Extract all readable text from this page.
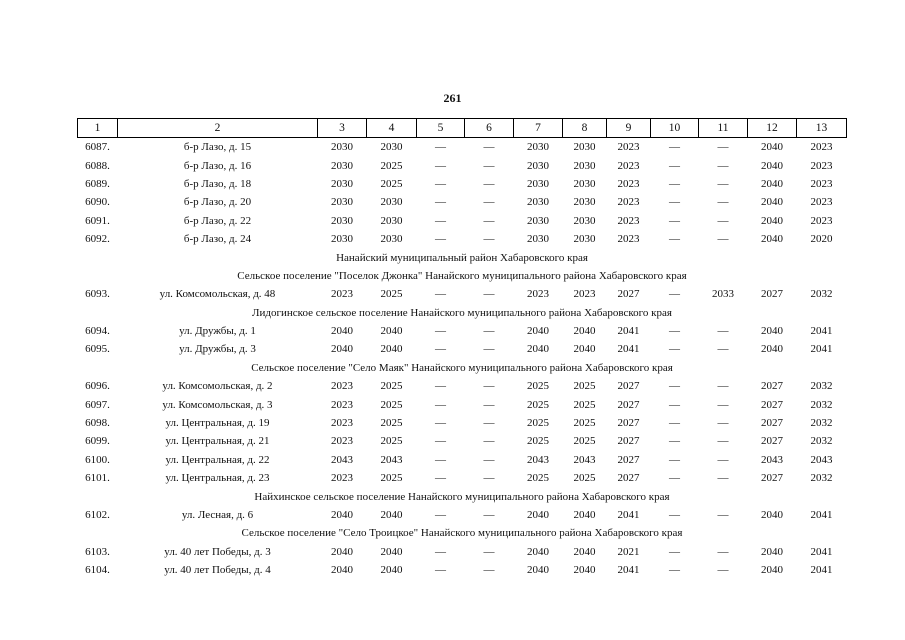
261
1	2	3	4	5	6	7	8	9	10	11	12	13
6087.	б-р Лазо, д. 15	2030	2030	—	—	2030	2030	2023	—	—	2040	2023
6088.	б-р Лазо, д. 16	2030	2025	—	—	2030	2030	2023	—	—	2040	2023
6089.	б-р Лазо, д. 18	2030	2025	—	—	2030	2030	2023	—	—	2040	2023
6090.	б-р Лазо, д. 20	2030	2030	—	—	2030	2030	2023	—	—	2040	2023
6091.	б-р Лазо, д. 22	2030	2030	—	—	2030	2030	2023	—	—	2040	2023
6092.	б-р Лазо, д. 24	2030	2030	—	—	2030	2030	2023	—	—	2040	2020
Нанайский муниципальный район Хабаровского края												
Сельское поселение "Поселок Джонка" Нанайского муниципального района Хабаровского края												
6093.	ул. Комсомольская, д. 48	2023	2025	—	—	2023	2023	2027	—	2033	2027	2032
Лидогинское сельское поселение Нанайского муниципального района Хабаровского края												
6094.	ул. Дружбы, д. 1	2040	2040	—	—	2040	2040	2041	—	—	2040	2041
6095.	ул. Дружбы, д. 3	2040	2040	—	—	2040	2040	2041	—	—	2040	2041
Сельское поселение "Село Маяк" Нанайского муниципального района Хабаровского края												
6096.	ул. Комсомольская, д. 2	2023	2025	—	—	2025	2025	2027	—	—	2027	2032
6097.	ул. Комсомольская, д. 3	2023	2025	—	—	2025	2025	2027	—	—	2027	2032
6098.	ул. Центральная, д. 19	2023	2025	—	—	2025	2025	2027	—	—	2027	2032
6099.	ул. Центральная, д. 21	2023	2025	—	—	2025	2025	2027	—	—	2027	2032
6100.	ул. Центральная, д. 22	2043	2043	—	—	2043	2043	2027	—	—	2043	2043
6101.	ул. Центральная, д. 23	2023	2025	—	—	2025	2025	2027	—	—	2027	2032
Найхинское сельское поселение Нанайского муниципального района Хабаровского края												
6102.	ул. Лесная, д. 6	2040	2040	—	—	2040	2040	2041	—	—	2040	2041
Сельское поселение "Село Троицкое" Нанайского муниципального района Хабаровского края												
6103.	ул. 40 лет Победы, д. 3	2040	2040	—	—	2040	2040	2021	—	—	2040	2041
6104.	ул. 40 лет Победы, д. 4	2040	2040	—	—	2040	2040	2041	—	—	2040	2041
